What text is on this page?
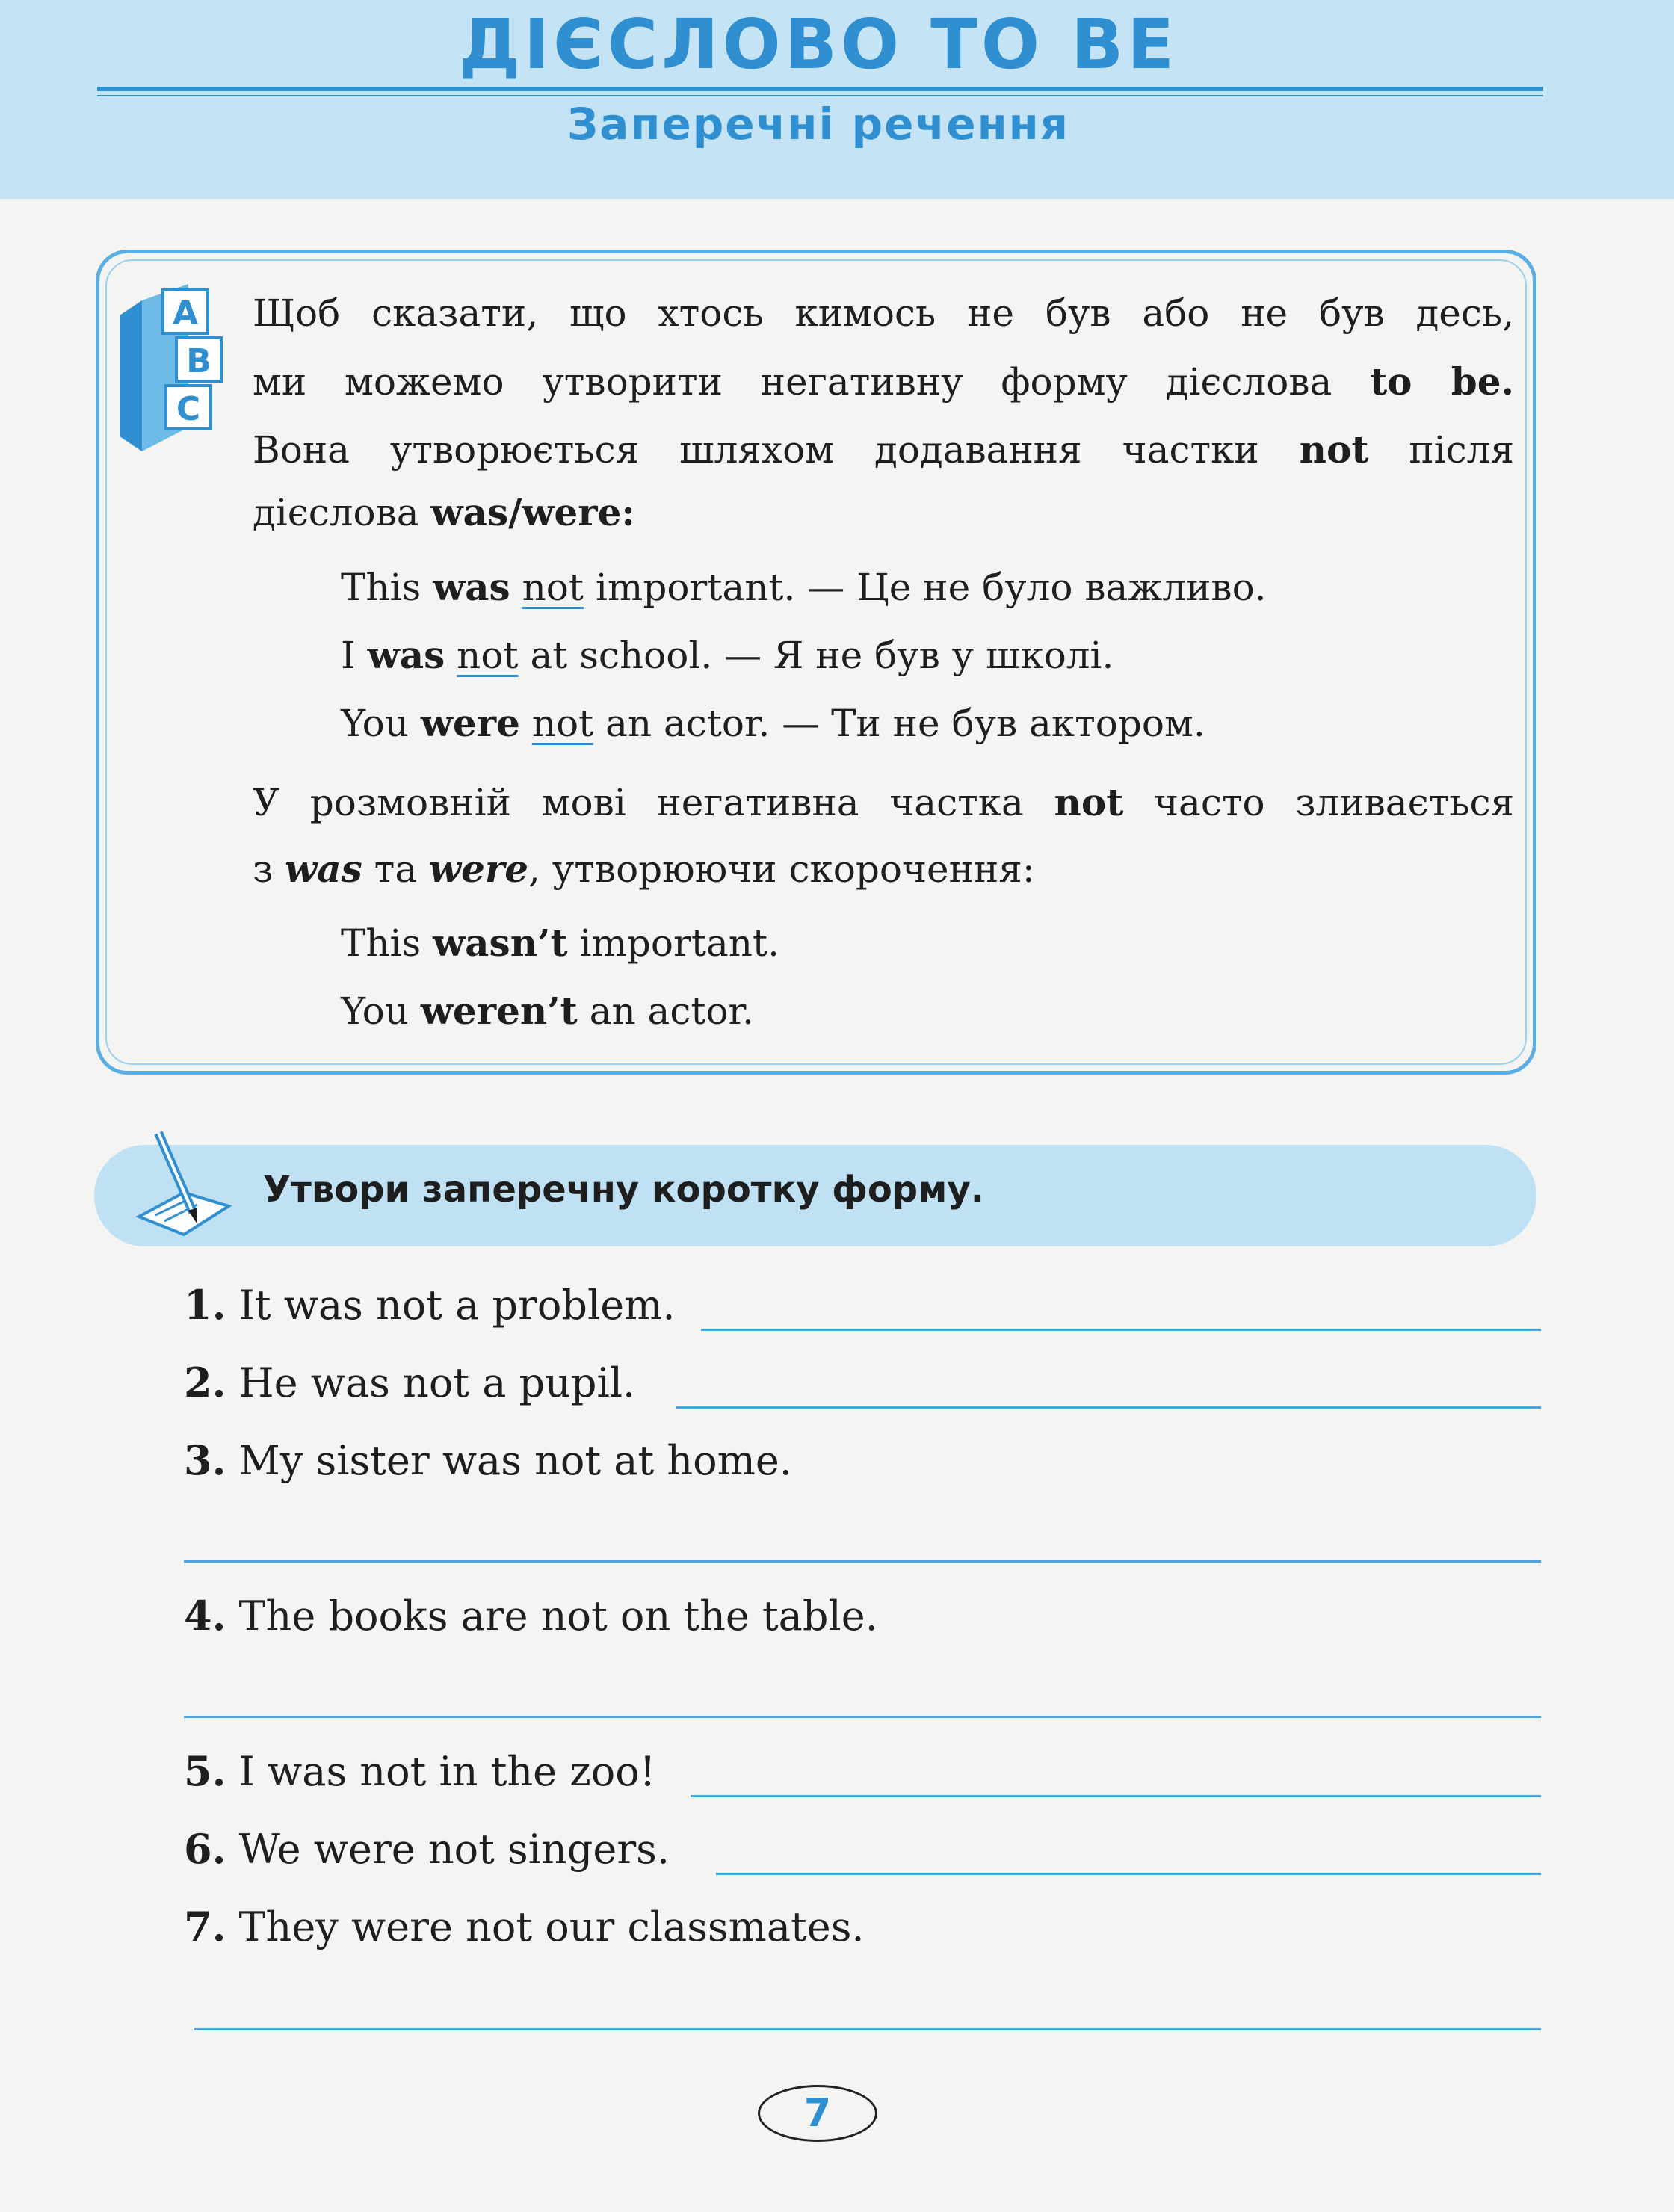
ДІЄСЛОВО TO BE
Заперечні речення
A
B
C
Щоб сказати, що хтось кимось не був або не був десь,
ми можемо утворити негативну форму дієслова to be.
Вона утворюється шляхом додавання частки not після
дієслова was/were:
This was not important. — Це не було важливо.
I was not at school. — Я не був у школі.
You were not an actor. — Ти не був актором.
У розмовній мові негативна частка not часто зливається
з was та were, утворюючи скорочення:
This wasn’t important.
You weren’t an actor.
Утвори заперечну коротку форму.
1. It was not a problem.
2. He was not a pupil.
3. My sister was not at home.
4. The books are not on the table.
5. I was not in the zoo!
6. We were not singers.
7. They were not our classmates.
7
